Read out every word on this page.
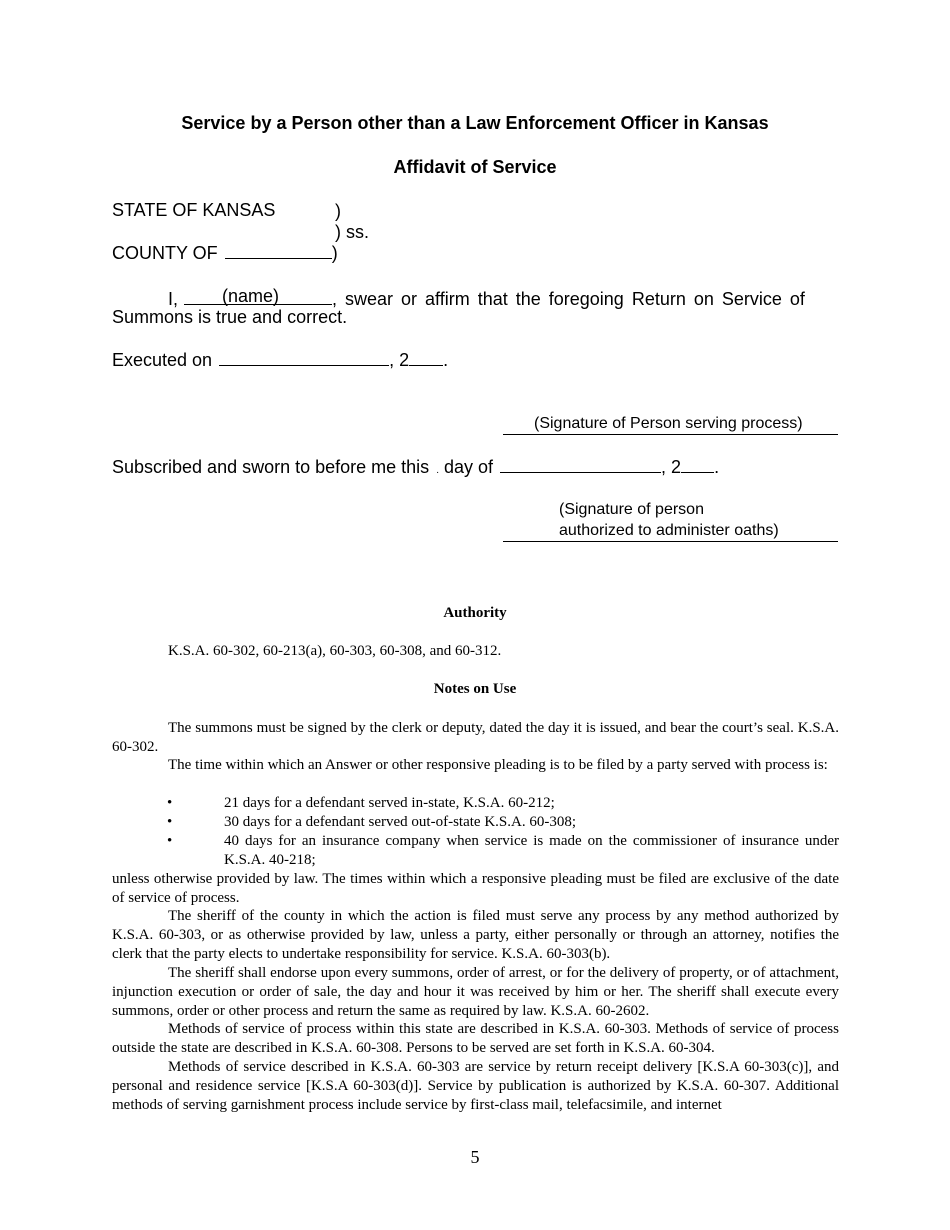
Service by a Person other than a Law Enforcement Officer in Kansas
Affidavit of Service
STATE OF KANSAS	)
) ss.
COUNTY OF	)
I, (name)	, swear or affirm that the foregoing Return on Service of
Summons is true and correct.
Executed on	, 2 .
(Signature of Person serving process)
Subscribed and sworn to before me this . day of	, 2 .
(Signature of person
authorized to administer oaths)
Authority
K.S.A. 60-302, 60-213(a), 60-303, 60-308, and 60-312.
Notes on Use
The summons must be signed by the clerk or deputy, dated the day it is issued, and bear the court’s seal. K.S.A. 60-302.
The time within which an Answer or other responsive pleading is to be filed by a party served with process is:
•	21 days for a defendant served in-state, K.S.A. 60-212;
•	30 days for a defendant served out-of-state K.S.A. 60-308;
•	40 days for an insurance company when service is made on the commissioner of insurance under K.S.A. 40-218;
unless otherwise provided by law. The times within which a responsive pleading must be filed are exclusive of the date of service of process.
The sheriff of the county in which the action is filed must serve any process by any method authorized by K.S.A. 60-303, or as otherwise provided by law, unless a party, either personally or through an attorney, notifies the clerk that the party elects to undertake responsibility for service. K.S.A. 60-303(b).
The sheriff shall endorse upon every summons, order of arrest, or for the delivery of property, or of attachment, injunction execution or order of sale, the day and hour it was received by him or her. The sheriff shall execute every summons, order or other process and return the same as required by law. K.S.A. 60-2602.
Methods of service of process within this state are described in K.S.A. 60-303. Methods of service of process outside the state are described in K.S.A. 60-308. Persons to be served are set forth in K.S.A. 60-304.
Methods of service described in K.S.A. 60-303 are service by return receipt delivery [K.S.A 60-303(c)], and personal and residence service [K.S.A 60-303(d)]. Service by publication is authorized by K.S.A. 60-307. Additional methods of serving garnishment process include service by first-class mail, telefacsimile, and internet
5
